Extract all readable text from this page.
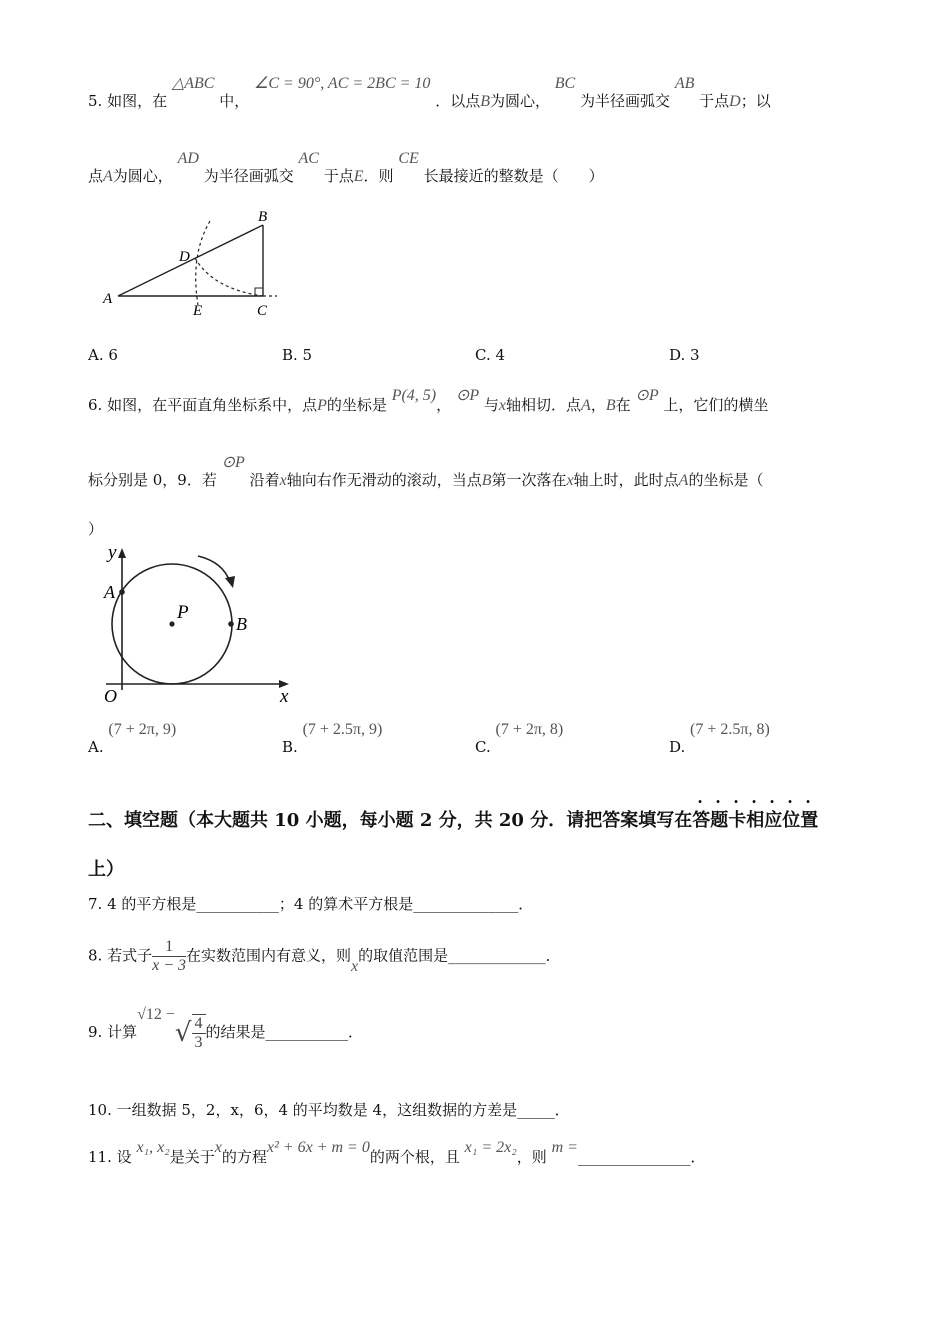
5. 如图，在 △ABC 中， ∠C = 90°, AC = 2BC = 10 ．以点B为圆心， BC 为半径画弧交 AB 于点D；以
点A为圆心， AD 为半径画弧交 AC 于点E．则 CE 长最接近的整数是（　　）
B
D
A
E	C
A. 6	B. 5	C. 4	D. 3
6. 如图，在平面直角坐标系中，点P的坐标是 P(4, 5)， ⊙P 与x轴相切．点A，B在 ⊙P 上，它们的横坐
标分别是 0，9．若 ⊙P 沿着x轴向右作无滑动的滚动，当点B第一次落在x轴上时，此时点A的坐标是（
）
y
A
P
B
O	x
A. (7 + 2π, 9)
B. (7 + 2.5π, 9)
C. (7 + 2π, 8)
D. (7 + 2.5π, 8)
二、填空题（本大题共 10 小题，每小题 2 分，共 20 分．请把答案填写在答题卡相应位置
上）
7. 4 的平方根是___________；4 的算术平方根是______________．
8. 若式子 $\frac{1}{x - 3}$ 在实数范围内有意义，则x的取值范围是_____________．
9. 计算√12 −√ $\frac{4}{3}$ 的结果是___________．
10. 一组数据 5，2，x，6，4 的平均数是 4，这组数据的方差是_____．
11. 设 x₁, x₂是关于x的方程x² + 6x + m = 0的两个根，且 x₁ = 2x₂，则 m =_______________．
